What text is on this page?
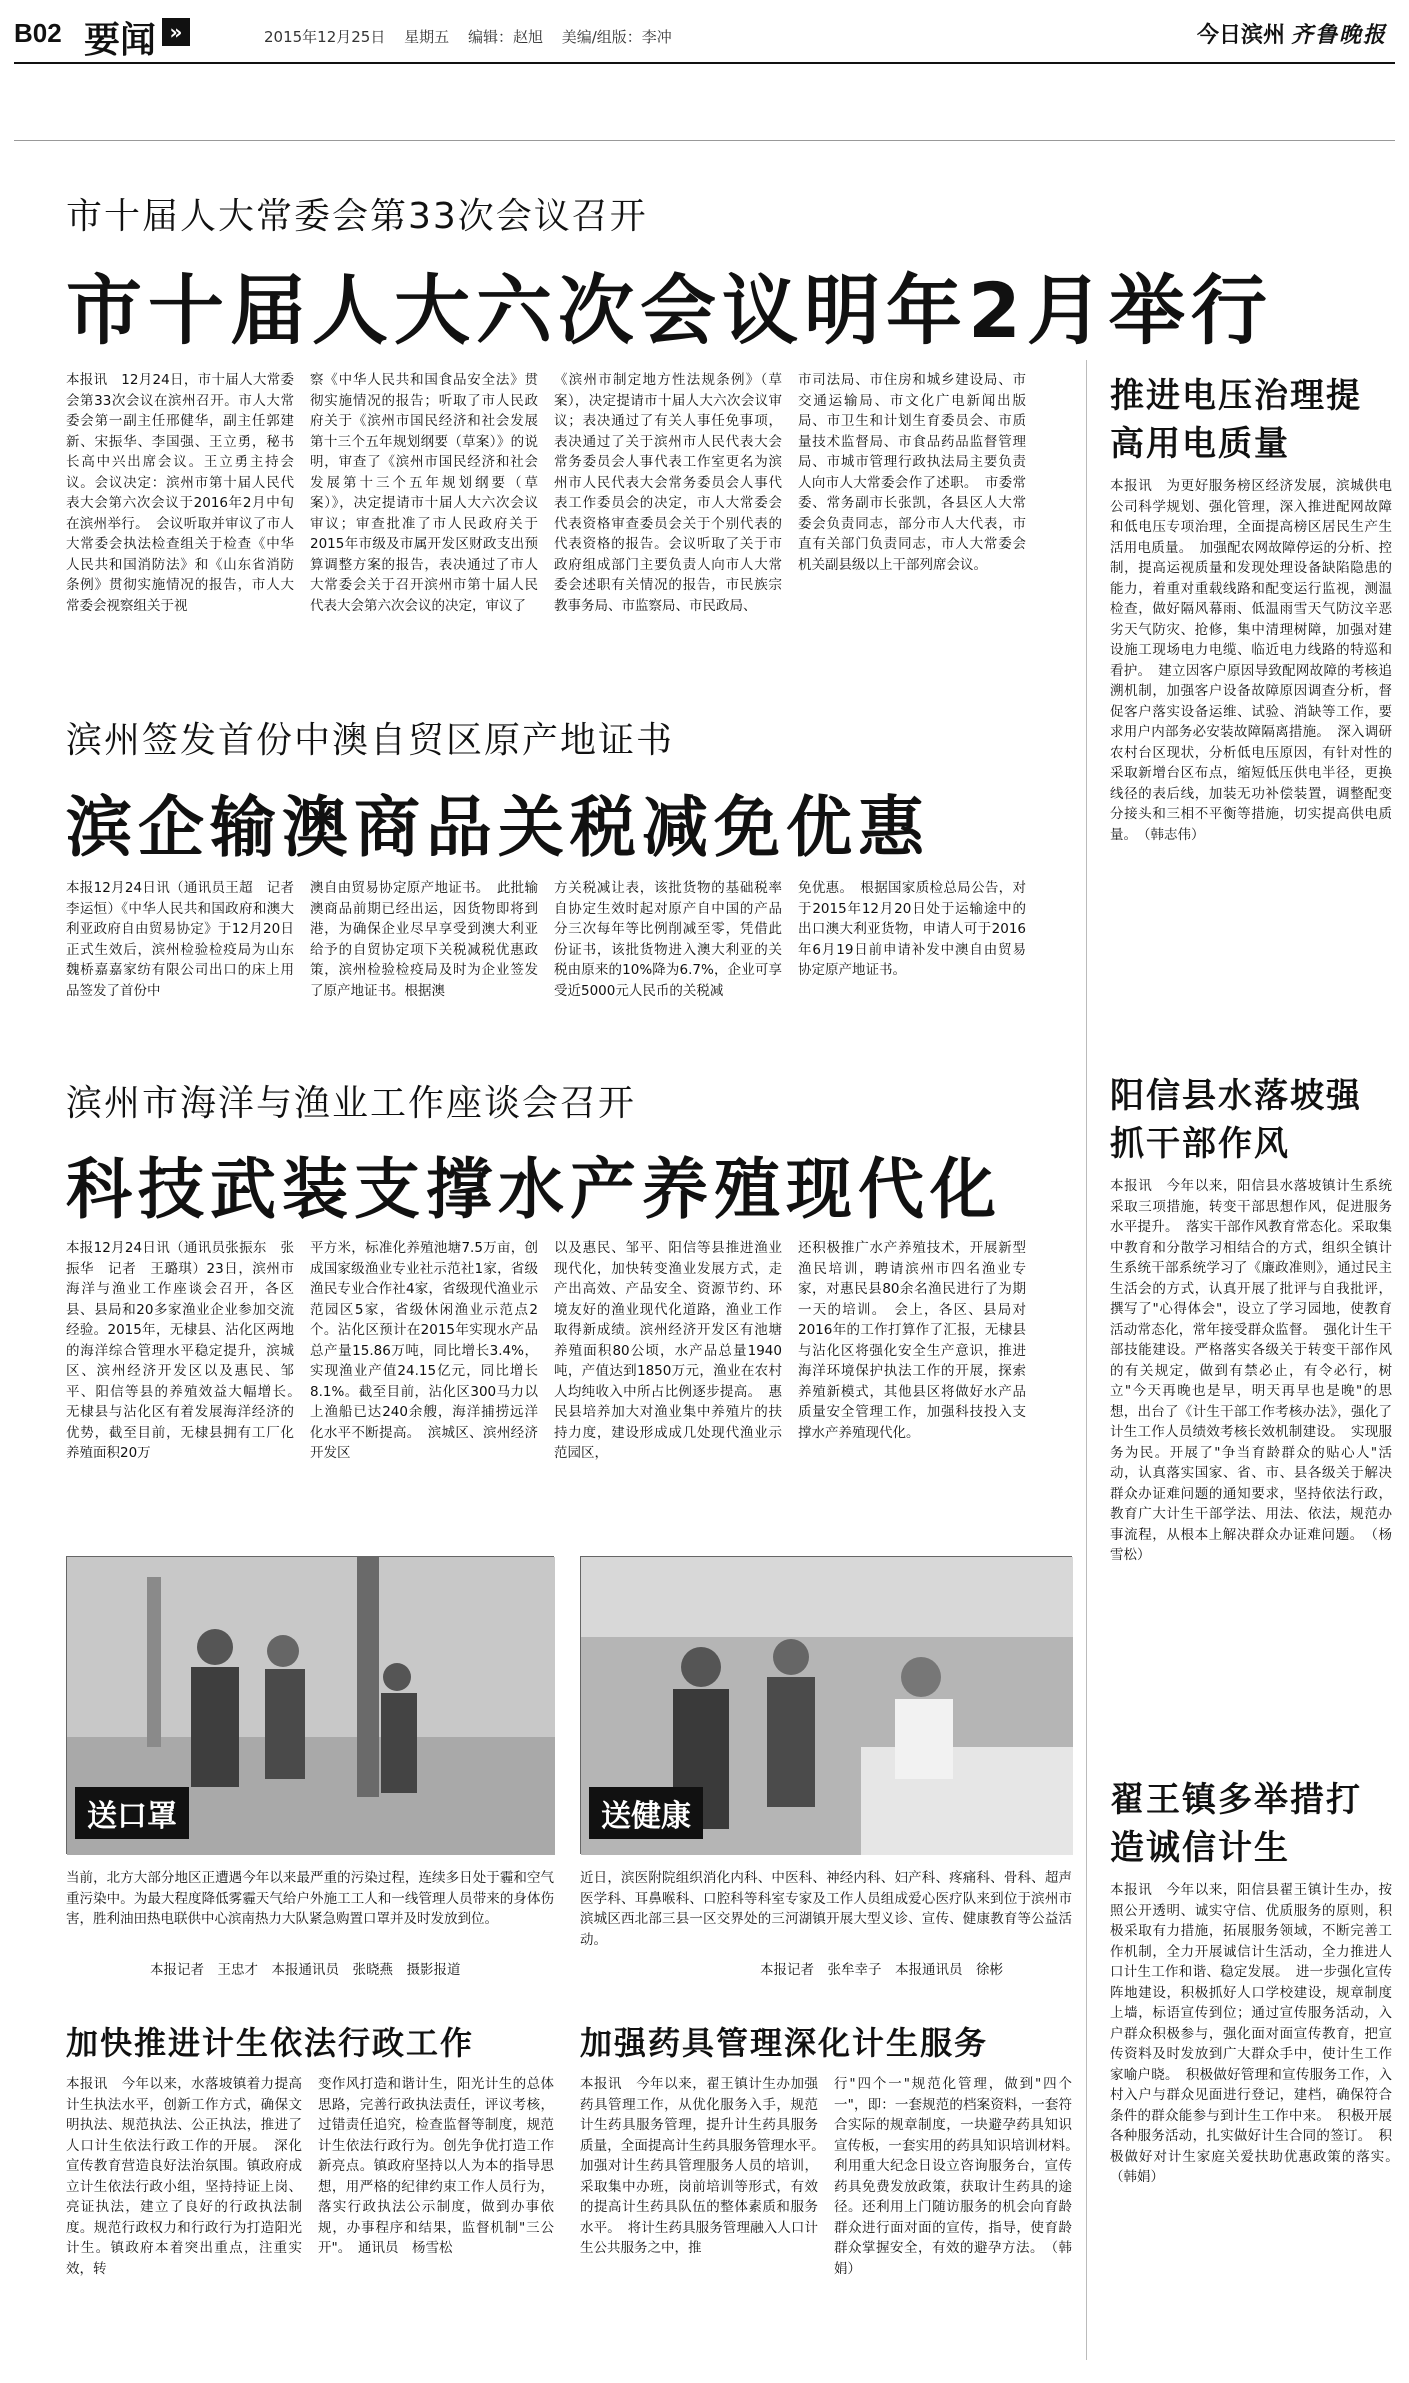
B02 要闻 »	2015年12月25日 星期五 编辑：赵旭 美编/组版：李冲	今日滨州 齐鲁晚报
市十届人大常委会第33次会议召开
市十届人大六次会议明年2月举行
本报讯　12月24日，市十届人大常委会第33次会议在滨州召开。市人大常委会第一副主任邢健华，副主任郭建新、宋振华、李国强、王立勇，秘书长高中兴出席会议。王立勇主持会议。会议决定：滨州市第十届人民代表大会第六次会议于2016年2月中旬在滨州举行。　会议听取并审议了市人大常委会执法检查组关于检查《中华人民共和国消防法》和《山东省消防条例》贯彻实施情况的报告，市人大常委会视察组关于视
察《中华人民共和国食品安全法》贯彻实施情况的报告；听取了市人民政府关于《滨州市国民经济和社会发展第十三个五年规划纲要（草案）》的说明，审查了《滨州市国民经济和社会发展第十三个五年规划纲要（草案）》，决定提请市十届人大六次会议审议；审查批准了市人民政府关于2015年市级及市属开发区财政支出预算调整方案的报告，表决通过了市人大常委会关于召开滨州市第十届人民代表大会第六次会议的决定，审议了
《滨州市制定地方性法规条例》（草案），决定提请市十届人大六次会议审议；表决通过了有关人事任免事项，表决通过了关于滨州市人民代表大会常务委员会人事代表工作室更名为滨州市人民代表大会常务委员会人事代表工作委员会的决定，市人大常委会代表资格审查委员会关于个别代表的代表资格的报告。会议听取了关于市政府组成部门主要负责人向市人大常委会述职有关情况的报告，市民族宗教事务局、市监察局、市民政局、
市司法局、市住房和城乡建设局、市交通运输局、市文化广电新闻出版局、市卫生和计划生育委员会、市质量技术监督局、市食品药品监督管理局、市城市管理行政执法局主要负责人向市人大常委会作了述职。　市委常委、常务副市长张凯，各县区人大常委会负责同志，部分市人大代表，市直有关部门负责同志，市人大常委会机关副县级以上干部列席会议。
滨州签发首份中澳自贸区原产地证书
滨企输澳商品关税减免优惠
本报12月24日讯（通讯员王超　记者　李运恒）《中华人民共和国政府和澳大利亚政府自由贸易协定》于12月20日正式生效后，滨州检验检疫局为山东魏桥嘉嘉家纺有限公司出口的床上用品签发了首份中
澳自由贸易协定原产地证书。　此批输澳商品前期已经出运，因货物即将到港，为确保企业尽早享受到澳大利亚给予的自贸协定项下关税减税优惠政策，滨州检验检疫局及时为企业签发了原产地证书。根据澳
方关税减让表，该批货物的基础税率自协定生效时起对原产自中国的产品分三次每年等比例削减至零，凭借此份证书，该批货物进入澳大利亚的关税由原来的10%降为6.7%，企业可享受近5000元人民币的关税减
免优惠。　根据国家质检总局公告，对于2015年12月20日处于运输途中的出口澳大利亚货物，申请人可于2016年6月19日前申请补发中澳自由贸易协定原产地证书。
滨州市海洋与渔业工作座谈会召开
科技武装支撑水产养殖现代化
本报12月24日讯（通讯员张振东　张振华　记者　王璐琪）23日，滨州市海洋与渔业工作座谈会召开，各区县、县局和20多家渔业企业参加交流经验。2015年，无棣县、沾化区两地的海洋综合管理水平稳定提升，滨城区、滨州经济开发区以及惠民、邹平、阳信等县的养殖效益大幅增长。　无棣县与沾化区有着发展海洋经济的优势，截至目前，无棣县拥有工厂化养殖面积20万
平方米，标准化养殖池塘7.5万亩，创成国家级渔业专业社示范社1家，省级渔民专业合作社4家，省级现代渔业示范园区5家，省级休闲渔业示范点2个。沾化区预计在2015年实现水产品总产量15.86万吨，同比增长3.4%，实现渔业产值24.15亿元，同比增长8.1%。截至目前，沾化区300马力以上渔船已达240余艘，海洋捕捞远洋化水平不断提高。　滨城区、滨州经济开发区
以及惠民、邹平、阳信等县推进渔业现代化，加快转变渔业发展方式，走产出高效、产品安全、资源节约、环境友好的渔业现代化道路，渔业工作取得新成绩。滨州经济开发区有池塘养殖面积80公顷，水产品总量1940吨，产值达到1850万元，渔业在农村人均纯收入中所占比例逐步提高。　惠民县培养加大对渔业集中养殖片的扶持力度，建设形成成几处现代渔业示范园区，
还积极推广水产养殖技术，开展新型渔民培训，聘请滨州市四名渔业专家，对惠民县80余名渔民进行了为期一天的培训。　会上，各区、县局对2016年的工作打算作了汇报，无棣县与沾化区将强化安全生产意识，推进海洋环境保护执法工作的开展，探索养殖新模式，其他县区将做好水产品质量安全管理工作，加强科技投入支撑水产养殖现代化。
送口罩
当前，北方大部分地区正遭遇今年以来最严重的污染过程，连续多日处于霾和空气重污染中。为最大程度降低雾霾天气给户外施工工人和一线管理人员带来的身体伤害，胜利油田热电联供中心滨南热力大队紧急购置口罩并及时发放到位。
本报记者　王忠才　本报通讯员　张晓燕　摄影报道
送健康
近日，滨医附院组织消化内科、中医科、神经内科、妇产科、疼痛科、骨科、超声医学科、耳鼻喉科、口腔科等科室专家及工作人员组成爱心医疗队来到位于滨州市滨城区西北部三县一区交界处的三河湖镇开展大型义诊、宣传、健康教育等公益活动。
本报记者　张牟幸子　本报通讯员　徐彬
加快推进计生依法行政工作
本报讯　今年以来，水落坡镇着力提高计生执法水平，创新工作方式，确保文明执法、规范执法、公正执法，推进了人口计生依法行政工作的开展。　深化宣传教育营造良好法治氛围。镇政府成立计生依法行政小组，坚持持证上岗、亮证执法，建立了良好的行政执法制度。规范行政权力和行政行为打造阳光计生。镇政府本着突出重点，注重实效，转
变作风打造和谐计生，阳光计生的总体思路，完善行政执法责任，评议考核，过错责任追究，检查监督等制度，规范计生依法行政行为。创先争优打造工作新亮点。镇政府坚持以人为本的指导思想，用严格的纪律约束工作人员行为，落实行政执法公示制度，做到办事依规，办事程序和结果，监督机制"三公开"。　通讯员　杨雪松
加强药具管理深化计生服务
本报讯　今年以来，翟王镇计生办加强药具管理工作，从优化服务入手，规范计生药具服务管理，提升计生药具服务质量，全面提高计生药具服务管理水平。　加强对计生药具管理服务人员的培训，采取集中办班，岗前培训等形式，有效的提高计生药具队伍的整体素质和服务水平。　将计生药具服务管理融入人口计生公共服务之中，推
行"四个一"规范化管理，做到"四个一"，即：一套规范的档案资料，一套符合实际的规章制度，一块避孕药具知识宣传板，一套实用的药具知识培训材料。　利用重大纪念日设立咨询服务台，宣传药具免费发放政策，获取计生药具的途径。还利用上门随访服务的机会向育龄群众进行面对面的宣传，指导，使育龄群众掌握安全，有效的避孕方法。　（韩娟）
推进电压治理提高用电质量
本报讯　为更好服务榜区经济发展，滨城供电公司科学规划、强化管理，深入推进配网故障和低电压专项治理，全面提高榜区居民生产生活用电质量。　加强配农网故障停运的分析、控制，提高运视质量和发现处理设备缺陷隐患的能力，着重对重载线路和配变运行监视，测温检查，做好隔风幕雨、低温雨雪天气防汶辛恶劣天气防灾、抢修，集中清理树障，加强对建设施工现场电力电缆、临近电力线路的特巡和看护。　建立因客户原因导致配网故障的考核追溯机制，加强客户设备故障原因调查分析，督促客户落实设备运维、试验、消缺等工作，要求用户内部务必安装故障隔离措施。　深入调研农村台区现状，分析低电压原因，有针对性的采取新增台区布点，缩短低压供电半径，更换线径的表后线，加装无功补偿装置，调整配变分接头和三相不平衡等措施，切实提高供电质量。　（韩志伟）
阳信县水落坡强抓干部作风
本报讯　今年以来，阳信县水落坡镇计生系统采取三项措施，转变干部思想作风，促进服务水平提升。　落实干部作风教育常态化。采取集中教育和分散学习相结合的方式，组织全镇计生系统干部系统学习了《廉政准则》，通过民主生活会的方式，认真开展了批评与自我批评，撰写了"心得体会"，设立了学习园地，使教育活动常态化，常年接受群众监督。　强化计生干部技能建设。严格落实各级关于转变干部作风的有关规定，做到有禁必止，有令必行，树立"今天再晚也是早，明天再早也是晚"的思想，出台了《计生干部工作考核办法》，强化了计生工作人员绩效考核长效机制建设。　实现服务为民。开展了"争当育龄群众的贴心人"活动，认真落实国家、省、市、县各级关于解决群众办证难问题的通知要求，坚持依法行政，教育广大计生干部学法、用法、依法，规范办事流程，从根本上解决群众办证难问题。　（杨雪松）
翟王镇多举措打造诚信计生
本报讯　今年以来，阳信县翟王镇计生办，按照公开透明、诚实守信、优质服务的原则，积极采取有力措施，拓展服务领域，不断完善工作机制，全力开展诚信计生活动，全力推进人口计生工作和谐、稳定发展。　进一步强化宣传阵地建设，积极抓好人口学校建设，规章制度上墙，标语宣传到位；通过宣传服务活动，入户群众积极参与，强化面对面宣传教育，把宣传资料及时发放到广大群众手中，使计生工作家喻户晓。　积极做好管理和宣传服务工作，入村入户与群众见面进行登记，建档，确保符合条件的群众能参与到计生工作中来。　积极开展各种服务活动，扎实做好计生合同的签订。　积极做好对计生家庭关爱扶助优惠政策的落实。　（韩娟）
